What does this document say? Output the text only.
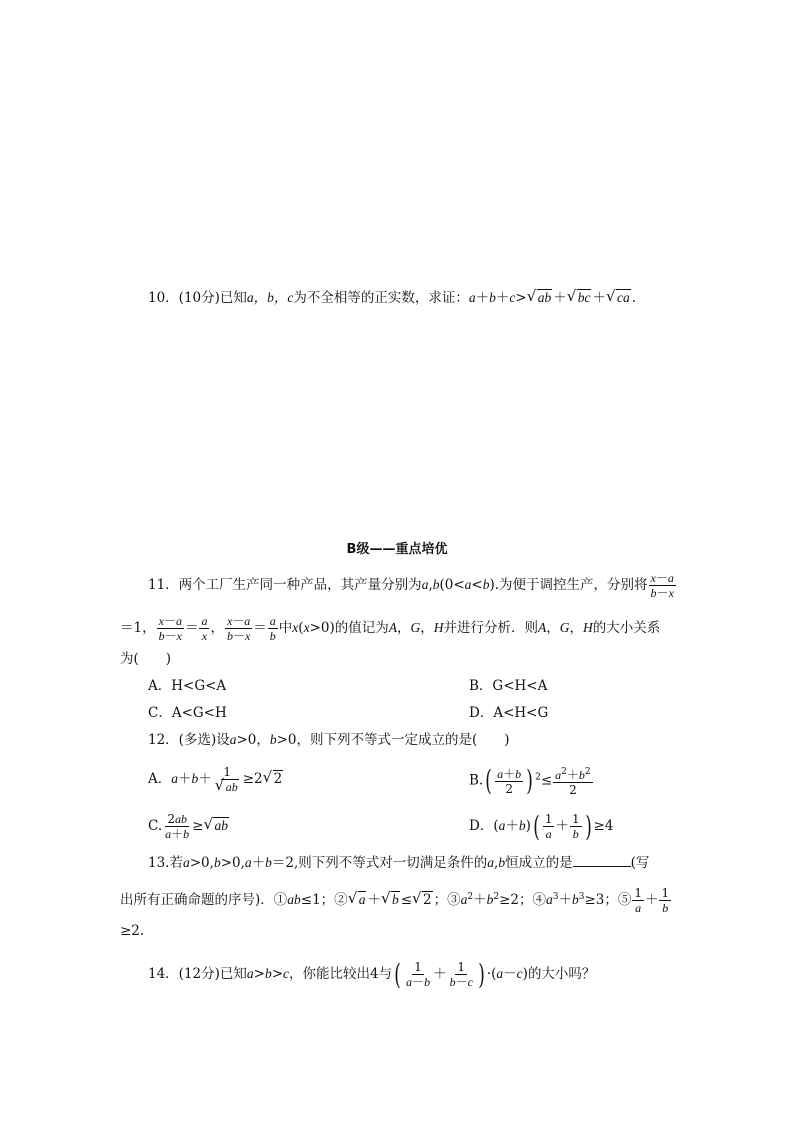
10．(10分)已知a，b，c为不全相等的正实数，求证：a＋b＋c> √ ab ＋ √ bc ＋ √ ca .
B级——重点培优
11．两个工厂生产同一种产品，其产量分别为a,b(0<a<b).为便于调控生产，分别将 $\frac{x-a}{b-x}$
＝1， $\frac{x-a}{b-x} = \frac{a}{x}$ ， $\frac{x-a}{b-x} = \frac{a}{b}$ 中x(x>0)的值记为A，G，H并进行分析．则A，G，H的大小关系
为(　　)
A．H<G<A	B．G<H<A
C．A<G<H	D．A<H<G
12．(多选)设a>0，b>0，则下列不等式一定成立的是(　　)
A．a＋b＋ 1
√ ab ≥2 √ 2	$B.( \frac{a+b}{2}$ ) $^2\le \frac{a^2+b^2}{2}$
C. $\frac{2ab}{a+b}$ ≥ √ ab	D．$(a+b)( \frac{1}{a} + \frac{1}{b}$ ) ≥4
13.若a>0,b>0,a＋b＝2,则下列不等式对一切满足条件的a,b恒成立的是	(写
出所有正确命题的序号)．①ab≤1；② √ a ＋ √ b ≤ √ 2 ；$③a^2+b^2\ge 2$；$④a^3+b^3\ge 3$；⑤ $\frac{1}{a} + \frac{1}{b}$
≥2.
14．(12分)已知a>b>c，你能比较出4与( $\frac{1}{a-b} + \frac{1}{b-c}$ ) ·(a－c)的大小吗？
